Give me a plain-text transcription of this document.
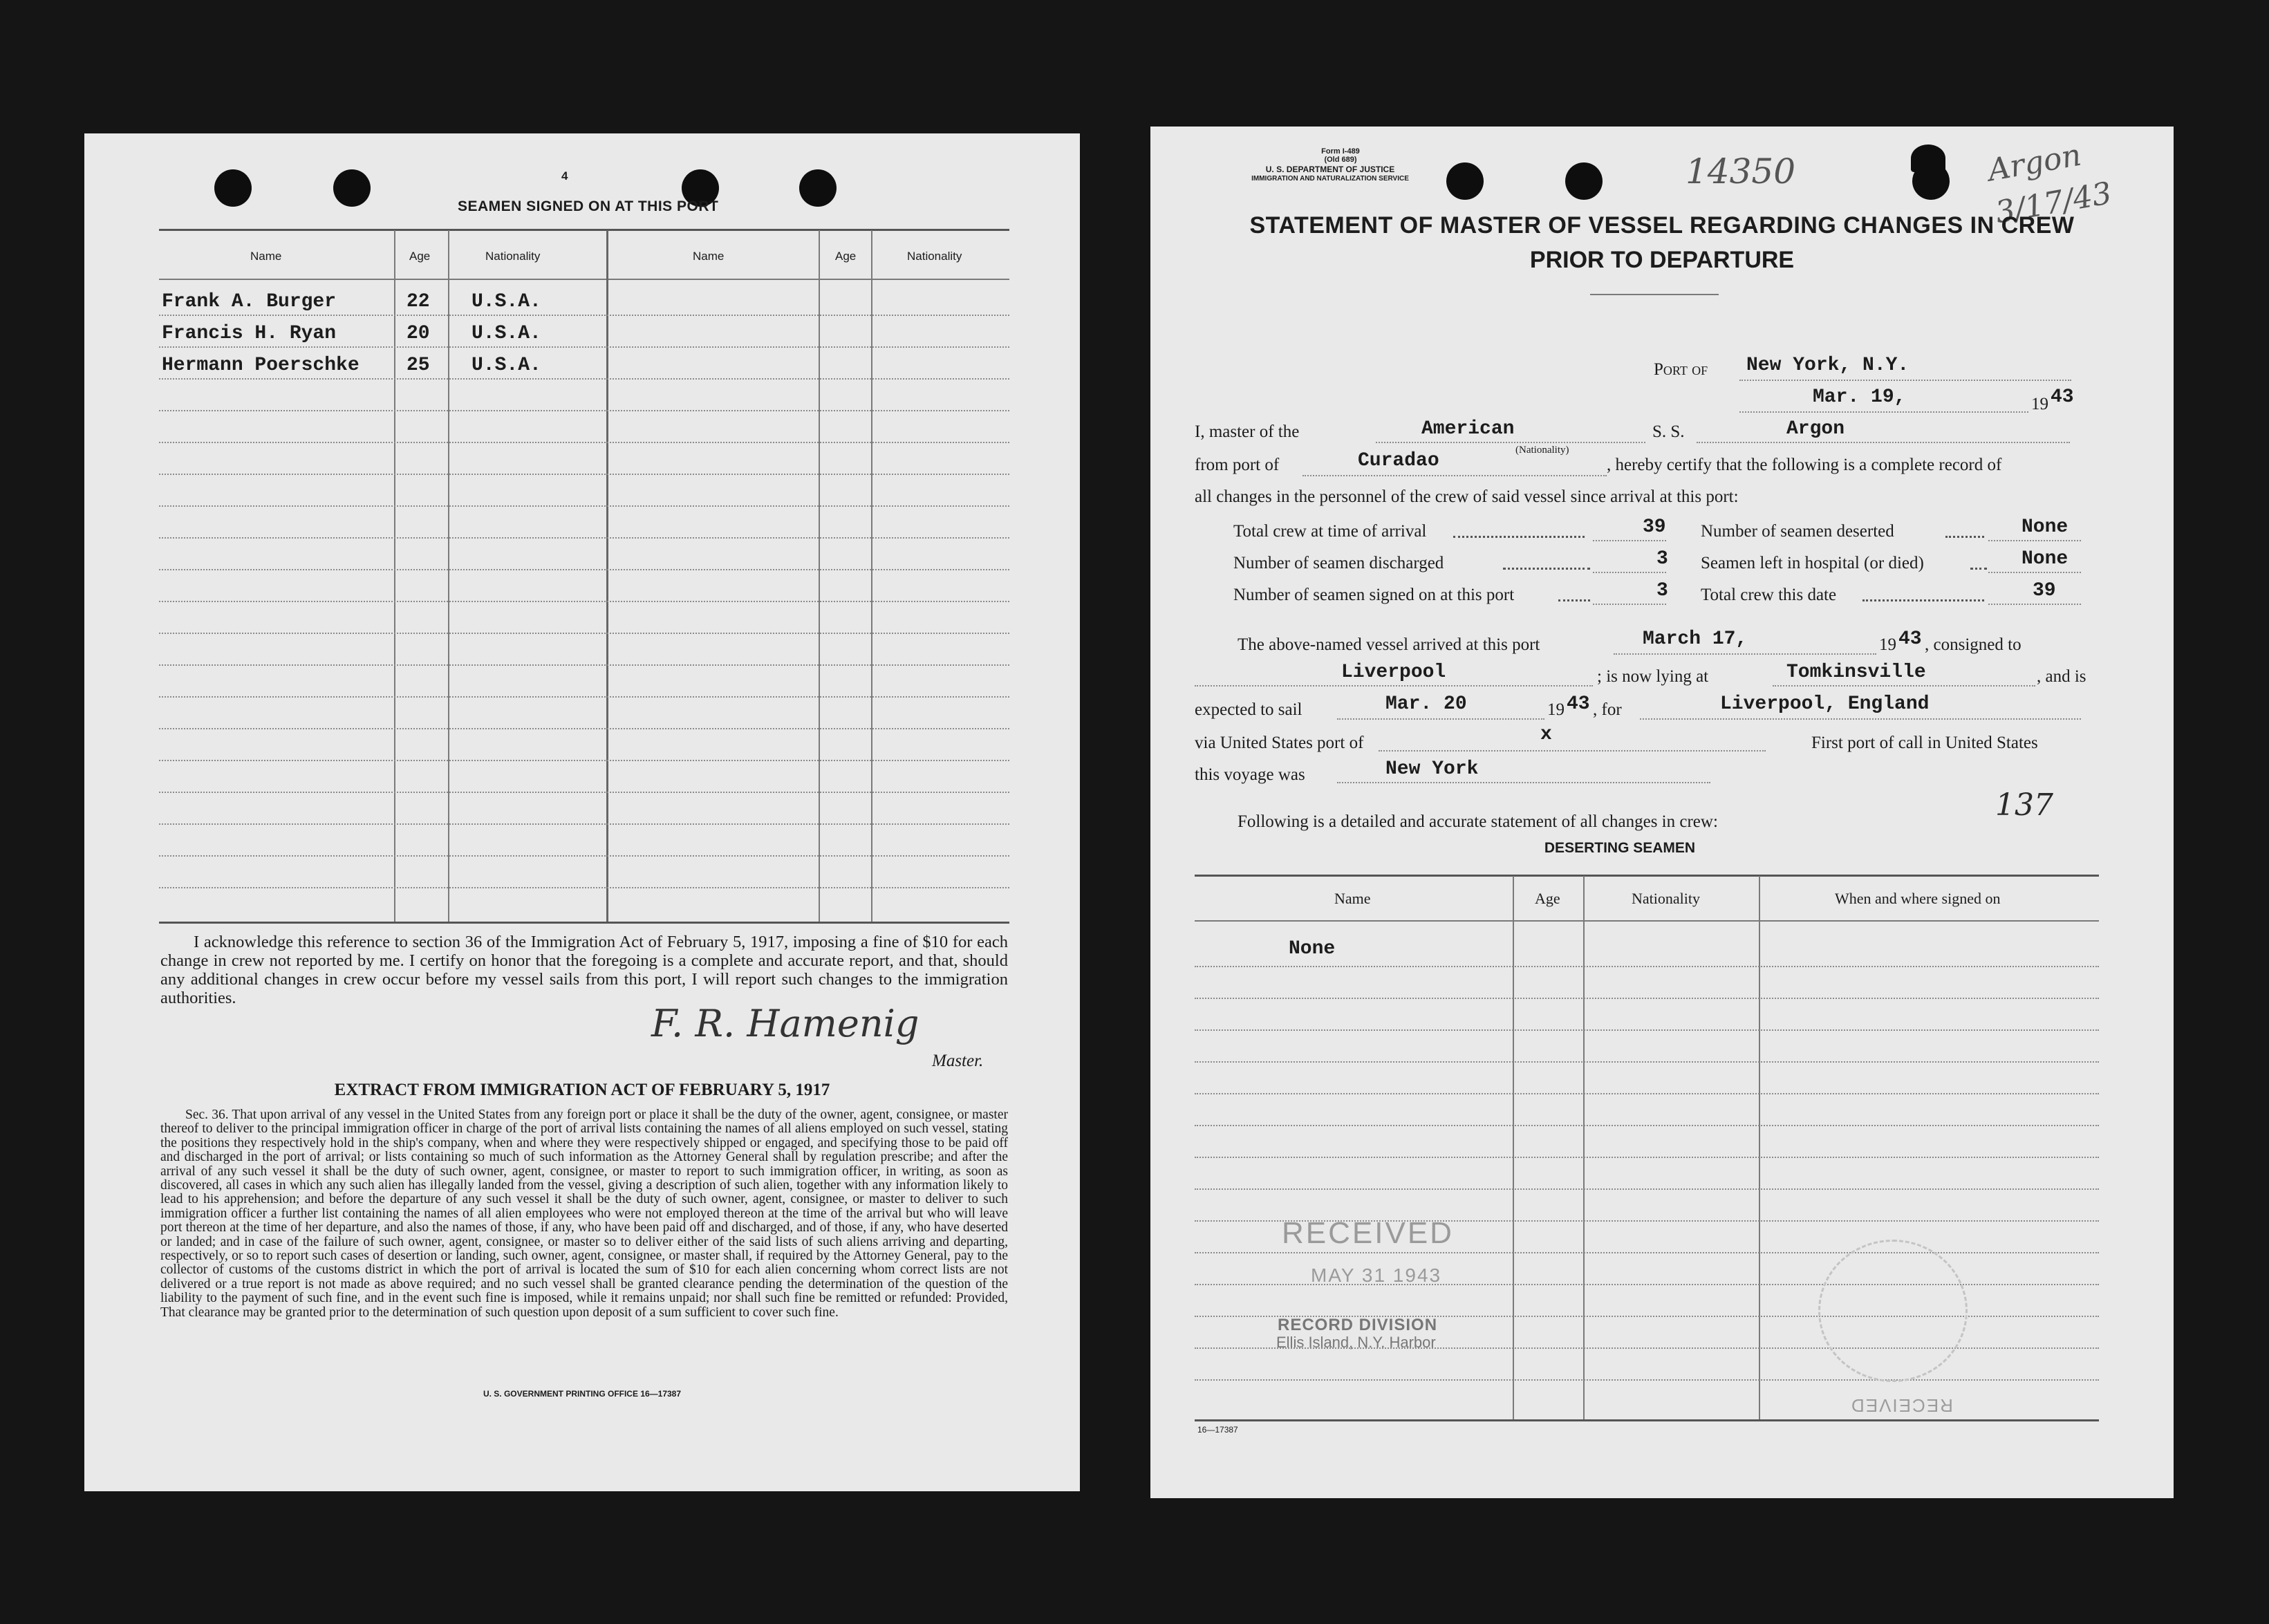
4
SEAMEN SIGNED ON AT THIS PORT
Name	Age	Nationality	Name	Age	Nationality
Frank A. Burger	22 U.S.A.
Francis H. Ryan	20 U.S.A.
Hermann Poerschke 25 U.S.A.
I acknowledge this reference to section 36 of the Immigration Act of February 5, 1917, imposing a fine of $10 for each change in crew not reported by me. I certify on honor that the foregoing is a complete and accurate report, and that, should any additional changes in crew occur before my vessel sails from this port, I will report such changes to the immigration authorities.
F. R. Hamenig
Master.
EXTRACT FROM IMMIGRATION ACT OF FEBRUARY 5, 1917
Sec. 36. That upon arrival of any vessel in the United States from any foreign port or place it shall be the duty of the owner, agent, consignee, or master thereof to deliver to the principal immigration officer in charge of the port of arrival lists containing the names of all aliens employed on such vessel, stating the positions they respectively hold in the ship's company, when and where they were respectively shipped or engaged, and specifying those to be paid off and discharged in the port of arrival; or lists containing so much of such information as the Attorney General shall by regulation prescribe; and after the arrival of any such vessel it shall be the duty of such owner, agent, consignee, or master to report to such immigration officer, in writing, as soon as discovered, all cases in which any such alien has illegally landed from the vessel, giving a description of such alien, together with any information likely to lead to his apprehension; and before the departure of any such vessel it shall be the duty of such owner, agent, consignee, or master to deliver to such immigration officer a further list containing the names of all alien employees who were not employed thereon at the time of the arrival but who will leave port thereon at the time of her departure, and also the names of those, if any, who have been paid off and discharged, and of those, if any, who have deserted or landed; and in case of the failure of such owner, agent, consignee, or master so to deliver either of the said lists of such aliens arriving and departing, respectively, or so to report such cases of desertion or landing, such owner, agent, consignee, or master shall, if required by the Attorney General, pay to the collector of customs of the customs district in which the port of arrival is located the sum of $10 for each alien concerning whom correct lists are not delivered or a true report is not made as above required; and no such vessel shall be granted clearance pending the determination of the question of the liability to the payment of such fine, and in the event such fine is imposed, while it remains unpaid; nor shall such fine be remitted or refunded: Provided, That clearance may be granted prior to the determination of such question upon deposit of a sum sufficient to cover such fine.
U. S. GOVERNMENT PRINTING OFFICE 16—17387
Form I-489
(Old 689)
U. S. DEPARTMENT OF JUSTICE
IMMIGRATION AND NATURALIZATION SERVICE	14350	Argon 3/17/43
STATEMENT OF MASTER OF VESSEL REGARDING CHANGES IN CREW
PRIOR TO DEPARTURE
Port of New York, N.Y.
Mar. 19,	19 43
I, master of the	American
(Nationality)
S. S.	Argon
from port of	Curadao	, hereby certify that the following is a complete record of
all changes in the personnel of the crew of said vessel since arrival at this port:
Total crew at time of arrival	39
Number of seamen discharged	3
Number of seamen signed on at this port	3
Number of seamen deserted	None
Seamen left in hospital (or died)	None
Total crew this date	39
The above-named vessel arrived at this port	March 17,	19 43 , consigned to
Liverpool	; is now lying at	Tomkinsville	, and is
expected to sail	Mar. 20	19 43 , for	Liverpool, England
via United States port of	x	First port of call in United States
this voyage was	New York
137
Following is a detailed and accurate statement of all changes in crew:
DESERTING SEAMEN
Name	Age	Nationality	When and where signed on
None
RECEIVED
MAY 31 1943
RECORD DIVISION
Ellis Island, N.Y. Harbor
RECEIVED
16—17387
